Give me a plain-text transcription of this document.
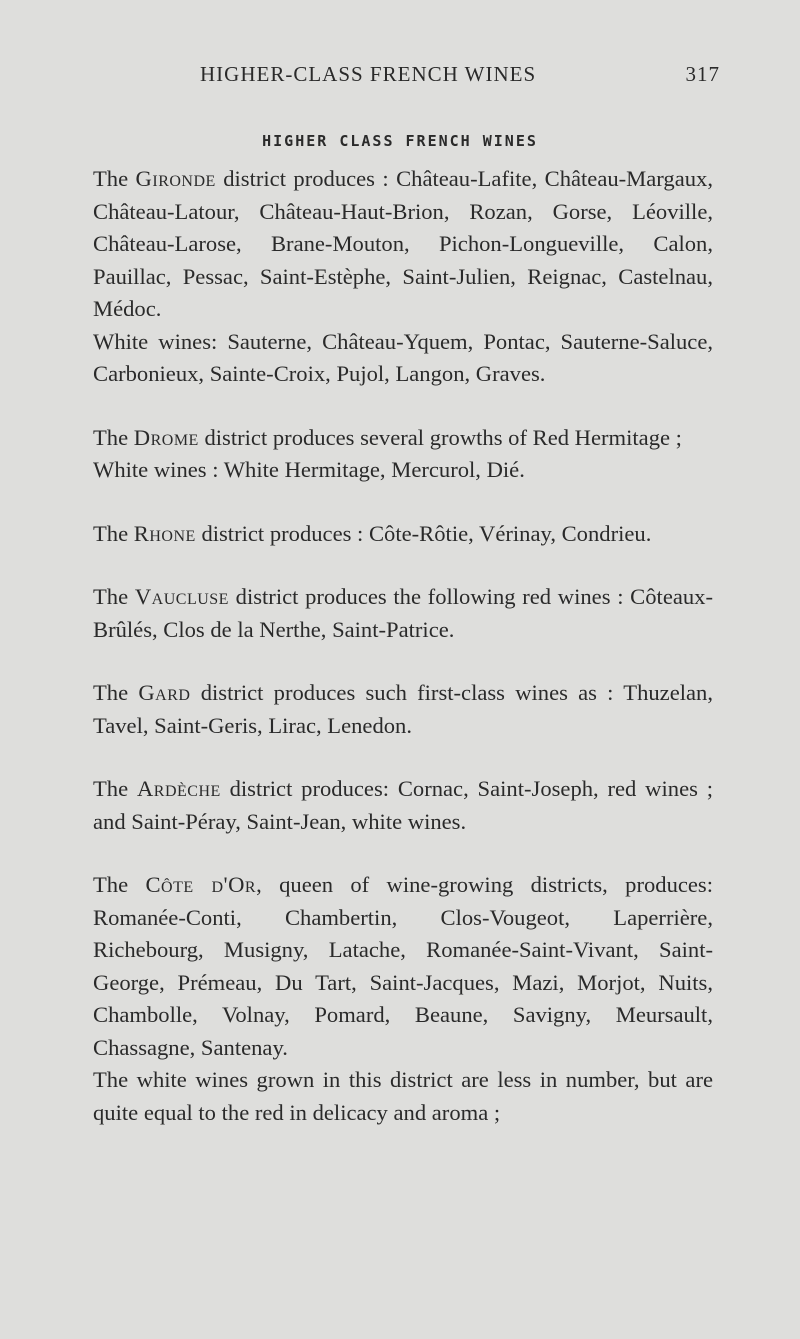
HIGHER-CLASS FRENCH WINES	317
HIGHER CLASS FRENCH WINES

The Gironde district produces : Château-Lafite, Château-Margaux, Château-Latour, Château-Haut-Brion, Rozan, Gorse, Léoville, Château-Larose, Brane-Mouton, Pichon-Longueville, Calon, Pauillac, Pessac, Saint-Estèphe, Saint-Julien, Reignac, Castelnau, Médoc.

White wines: Sauterne, Château-Yquem, Pontac, Sauterne-Saluce, Carbonieux, Sainte-Croix, Pujol, Langon, Graves.

The Drome district produces several growths of Red Hermitage ;

White wines : White Hermitage, Mercurol, Dié.

The Rhone district produces : Côte-Rôtie, Vérinay, Condrieu.

The Vaucluse district produces the following red wines : Côteaux-Brûlés, Clos de la Nerthe, Saint-Patrice.

The Gard district produces such first-class wines as : Thuzelan, Tavel, Saint-Geris, Lirac, Lenedon.

The Ardèche district produces: Cornac, Saint-Joseph, red wines ; and Saint-Péray, Saint-Jean, white wines.

The Côte d'Or, queen of wine-growing districts, produces: Romanée-Conti, Chambertin, Clos-Vougeot, Laperrière, Richebourg, Musigny, Latache, Romanée-Saint-Vivant, Saint-George, Prémeau, Du Tart, Saint-Jacques, Mazi, Morjot, Nuits, Chambolle, Volnay, Pomard, Beaune, Savigny, Meursault, Chassagne, Santenay.

The white wines grown in this district are less in number, but are quite equal to the red in delicacy and aroma ;
